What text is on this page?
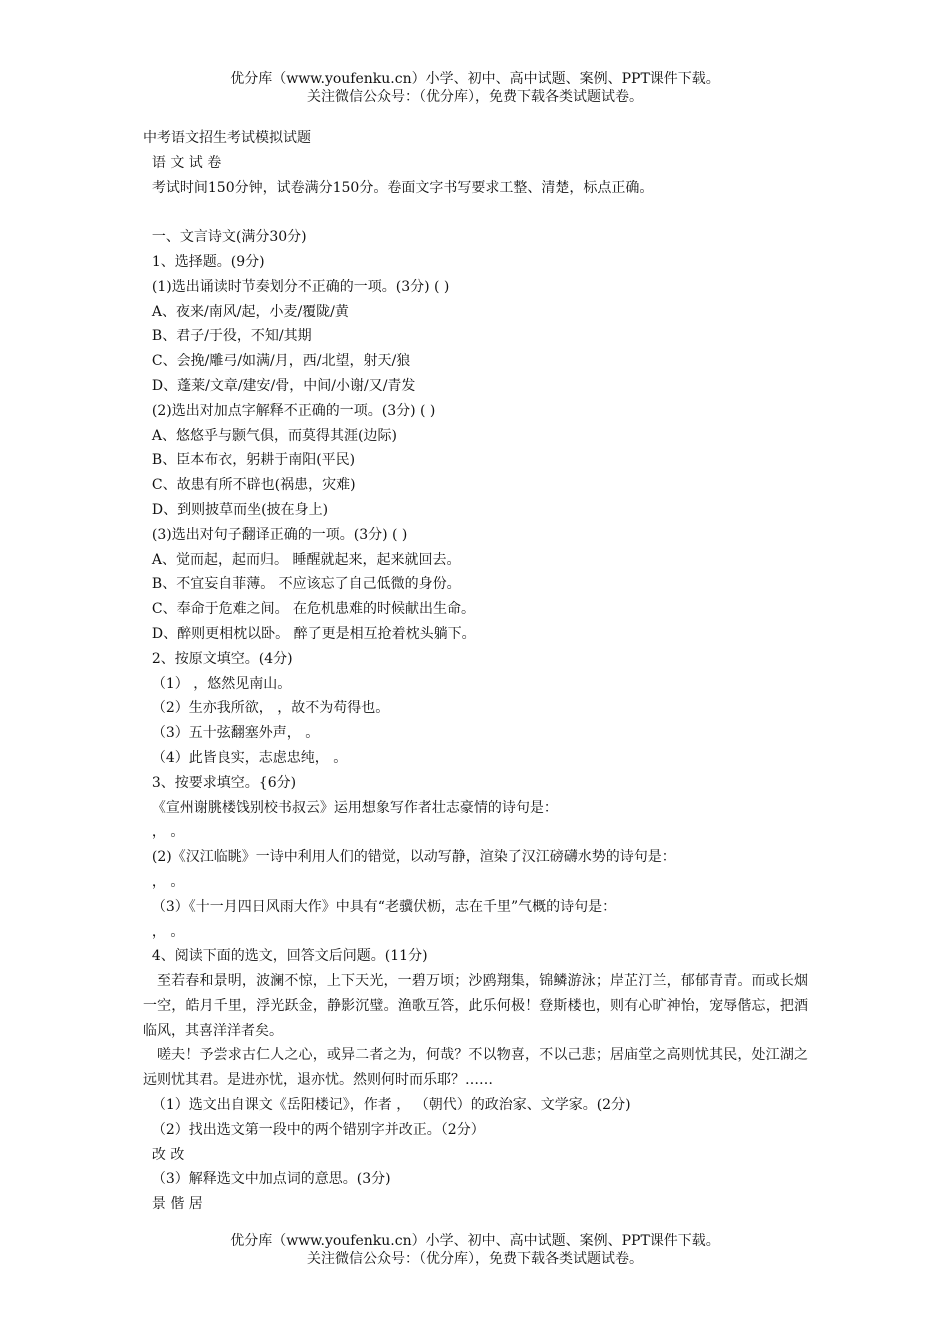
优分库（www.youfenku.cn）小学、初中、高中试题、案例、PPT课件下载。
关注微信公众号：（优分库），免费下载各类试题试卷。
中考语文招生考试模拟试题
语 文 试 卷
考试时间150分钟，试卷满分150分。卷面文字书写要求工整、清楚，标点正确。
一、文言诗文(满分30分)
1、选择题。(9分)
(1)选出诵读时节奏划分不正确的一项。(3分) ( )
A、夜来/南风/起，小麦/覆陇/黄
B、君子/于役，不知/其期
C、会挽/雕弓/如满/月，西/北望，射天/狼
D、蓬莱/文章/建安/骨，中间/小谢/又/青发
(2)选出对加点字解释不正确的一项。(3分) ( )
A、悠悠乎与颢气俱，而莫得其涯(边际)
B、臣本布衣，躬耕于南阳(平民)
C、故患有所不辟也(祸患，灾难)
D、到则披草而坐(披在身上)
(3)选出对句子翻译正确的一项。(3分) ( )
A、觉而起，起而归。 睡醒就起来，起来就回去。
B、不宜妄自菲薄。 不应该忘了自己低微的身份。
C、奉命于危难之间。 在危机患难的时候献出生命。
D、醉则更相枕以卧。 醉了更是相互抢着枕头躺下。
2、按原文填空。(4分)
（1） ，悠然见南山。
（2）生亦我所欲， ，故不为苟得也。
（3）五十弦翻塞外声， 。
（4）此皆良实，志虑忠纯， 。
3、按要求填空。{6分)
《宣州谢朓楼饯别校书叔云》运用想象写作者壮志豪情的诗句是：
， 。
(2)《汉江临眺》一诗中利用人们的错觉，以动写静，渲染了汉江磅礴水势的诗句是：
， 。
（3）《十一月四日风雨大作》中具有“老骥伏枥，志在千里”气概的诗句是：
， 。
4、阅读下面的选文，回答文后问题。(11分)
至若春和景明，波澜不惊，上下天光，一碧万顷；沙鸥翔集，锦鳞游泳；岸芷汀兰，郁郁青青。而或长烟一空，皓月千里，浮光跃金，静影沉璧。渔歌互答，此乐何极！登斯楼也，则有心旷神怡，宠辱偕忘，把酒临风，其喜洋洋者矣。
嗟夫！予尝求古仁人之心，或异二者之为，何哉？不以物喜，不以己悲；居庙堂之高则忧其民，处江湖之远则忧其君。是进亦忧，退亦忧。然则何时而乐耶？……
（1）选文出自课文《岳阳楼记》，作者 ， （朝代）的政治家、文学家。(2分)
（2）找出选文第一段中的两个错别字并改正。（2分）
改 改
（3）解释选文中加点词的意思。(3分)
景 偕 居
优分库（www.youfenku.cn）小学、初中、高中试题、案例、PPT课件下载。
关注微信公众号：（优分库），免费下载各类试题试卷。
